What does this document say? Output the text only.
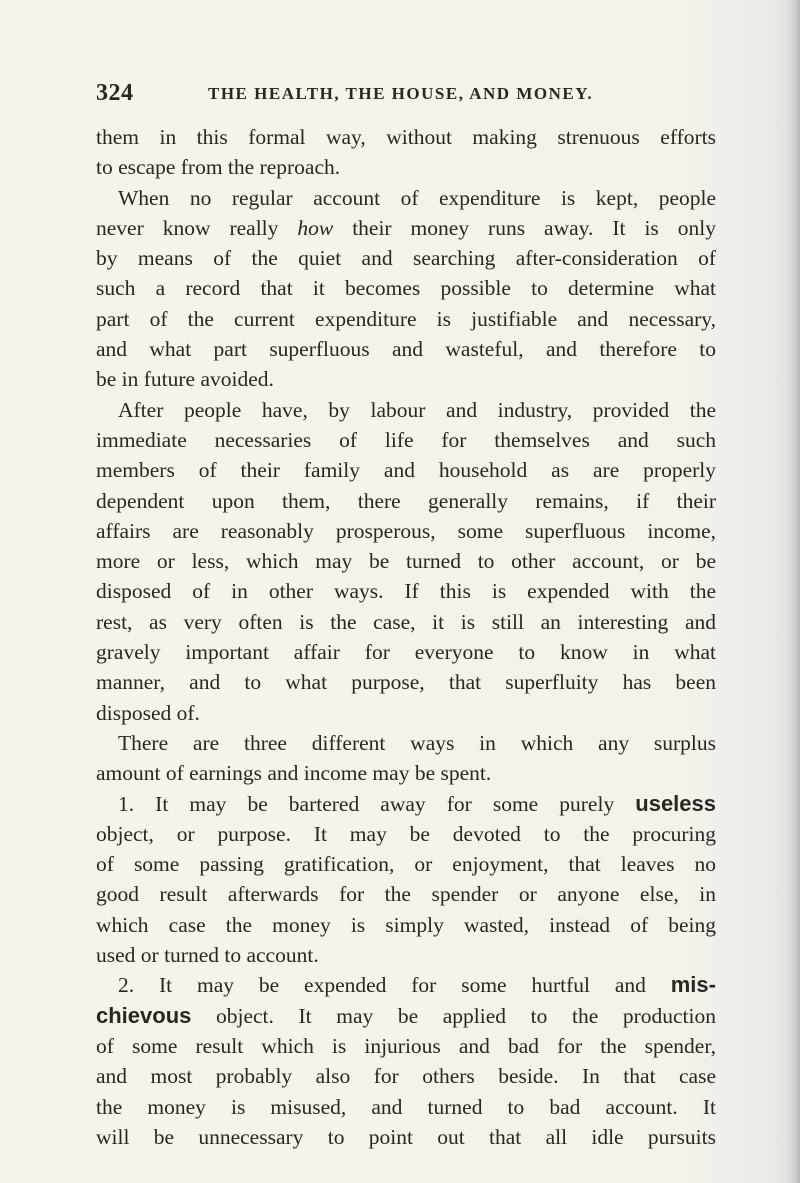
324	THE HEALTH, THE HOUSE, AND MONEY.
them in this formal way, without making strenuous efforts
to escape from the reproach.
When no regular account of expenditure is kept, people
never know really how their money runs away. It is only
by means of the quiet and searching after-consideration of
such a record that it becomes possible to determine what
part of the current expenditure is justifiable and necessary,
and what part superfluous and wasteful, and therefore to
be in future avoided.
After people have, by labour and industry, provided the
immediate necessaries of life for themselves and such
members of their family and household as are properly
dependent upon them, there generally remains, if their
affairs are reasonably prosperous, some superfluous income,
more or less, which may be turned to other account, or be
disposed of in other ways. If this is expended with the
rest, as very often is the case, it is still an interesting and
gravely important affair for everyone to know in what
manner, and to what purpose, that superfluity has been
disposed of.
There are three different ways in which any surplus
amount of earnings and income may be spent.
1. It may be bartered away for some purely useless
object, or purpose. It may be devoted to the procuring
of some passing gratification, or enjoyment, that leaves no
good result afterwards for the spender or anyone else, in
which case the money is simply wasted, instead of being
used or turned to account.
2. It may be expended for some hurtful and mis-
chievous object. It may be applied to the production
of some result which is injurious and bad for the spender,
and most probably also for others beside. In that case
the money is misused, and turned to bad account. It
will be unnecessary to point out that all idle pursuits
